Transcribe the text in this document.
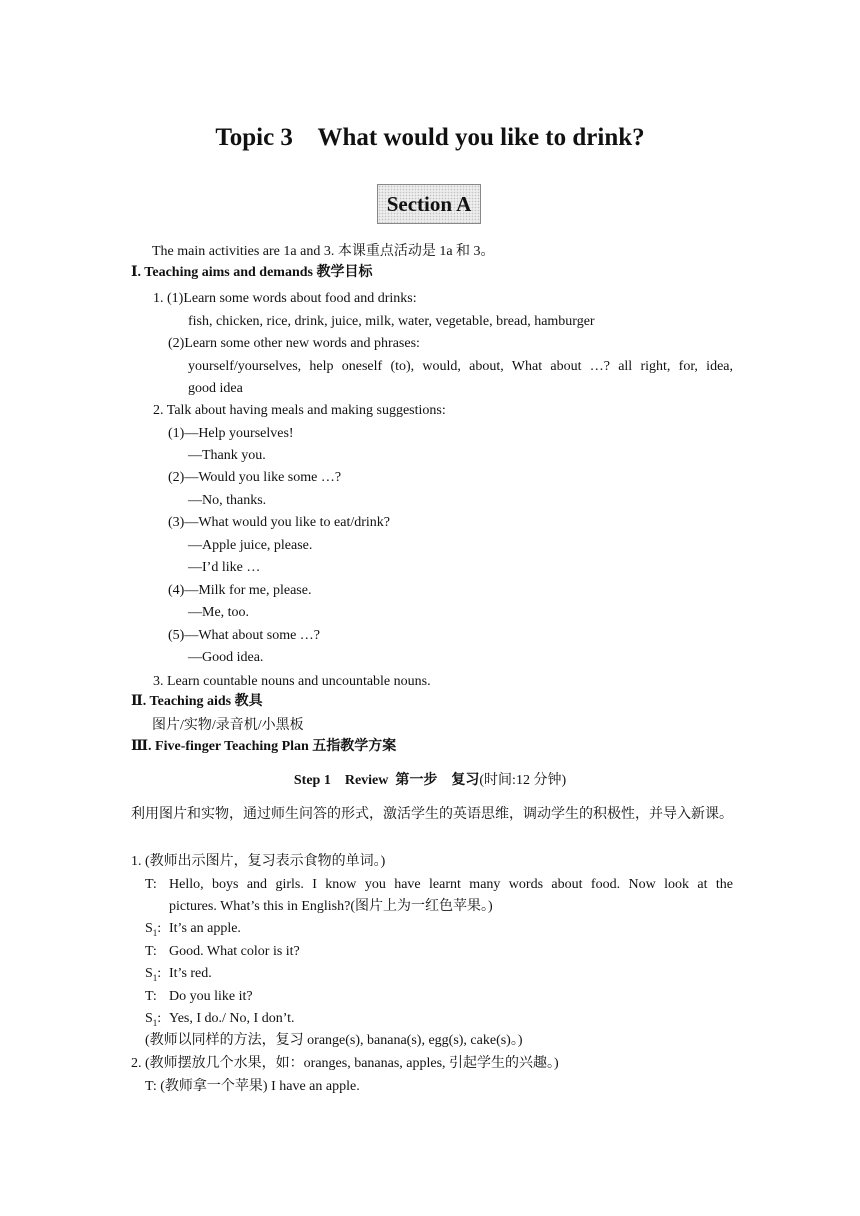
Topic 3    What would you like to drink?
Section A
The main activities are 1a and 3. 本课重点活动是 1a 和 3。
Ⅰ. Teaching aims and demands 教学目标
1. (1)Learn some words about food and drinks:
fish, chicken, rice, drink, juice, milk, water, vegetable, bread, hamburger
(2)Learn some other new words and phrases:
yourself/yourselves, help oneself (to), would, about, What about …? all right, for, idea,
good idea
2. Talk about having meals and making suggestions:
(1)—Help yourselves!
—Thank you.
(2)—Would you like some …?
—No, thanks.
(3)—What would you like to eat/drink?
—Apple juice, please.
—I’d like …
(4)—Milk for me, please.
—Me, too.
(5)—What about some …?
—Good idea.
3. Learn countable nouns and uncountable nouns.
Ⅱ. Teaching aids 教具
图片/实物/录音机/小黑板
Ⅲ. Five-finger Teaching Plan 五指教学方案
Step 1    Review  第一步    复习(时间:12 分钟)
利用图片和实物，通过师生问答的形式，激活学生的英语思维，调动学生的积极性，并导入新课。
1. (教师出示图片，复习表示食物的单词。)
T: Hello, boys and girls. I know you have learnt many words about food. Now look at the
pictures. What’s this in English?(图片上为一红色苹果。)
$S_1$: It’s an apple.
T: Good. What color is it?
$S_1$: It’s red.
T: Do you like it?
$S_1$: Yes, I do./ No, I don’t.
(教师以同样的方法，复习 orange(s), banana(s), egg(s), cake(s)。)
2. (教师摆放几个水果，如：oranges, bananas, apples, 引起学生的兴趣。)
T: (教师拿一个苹果) I have an apple.
